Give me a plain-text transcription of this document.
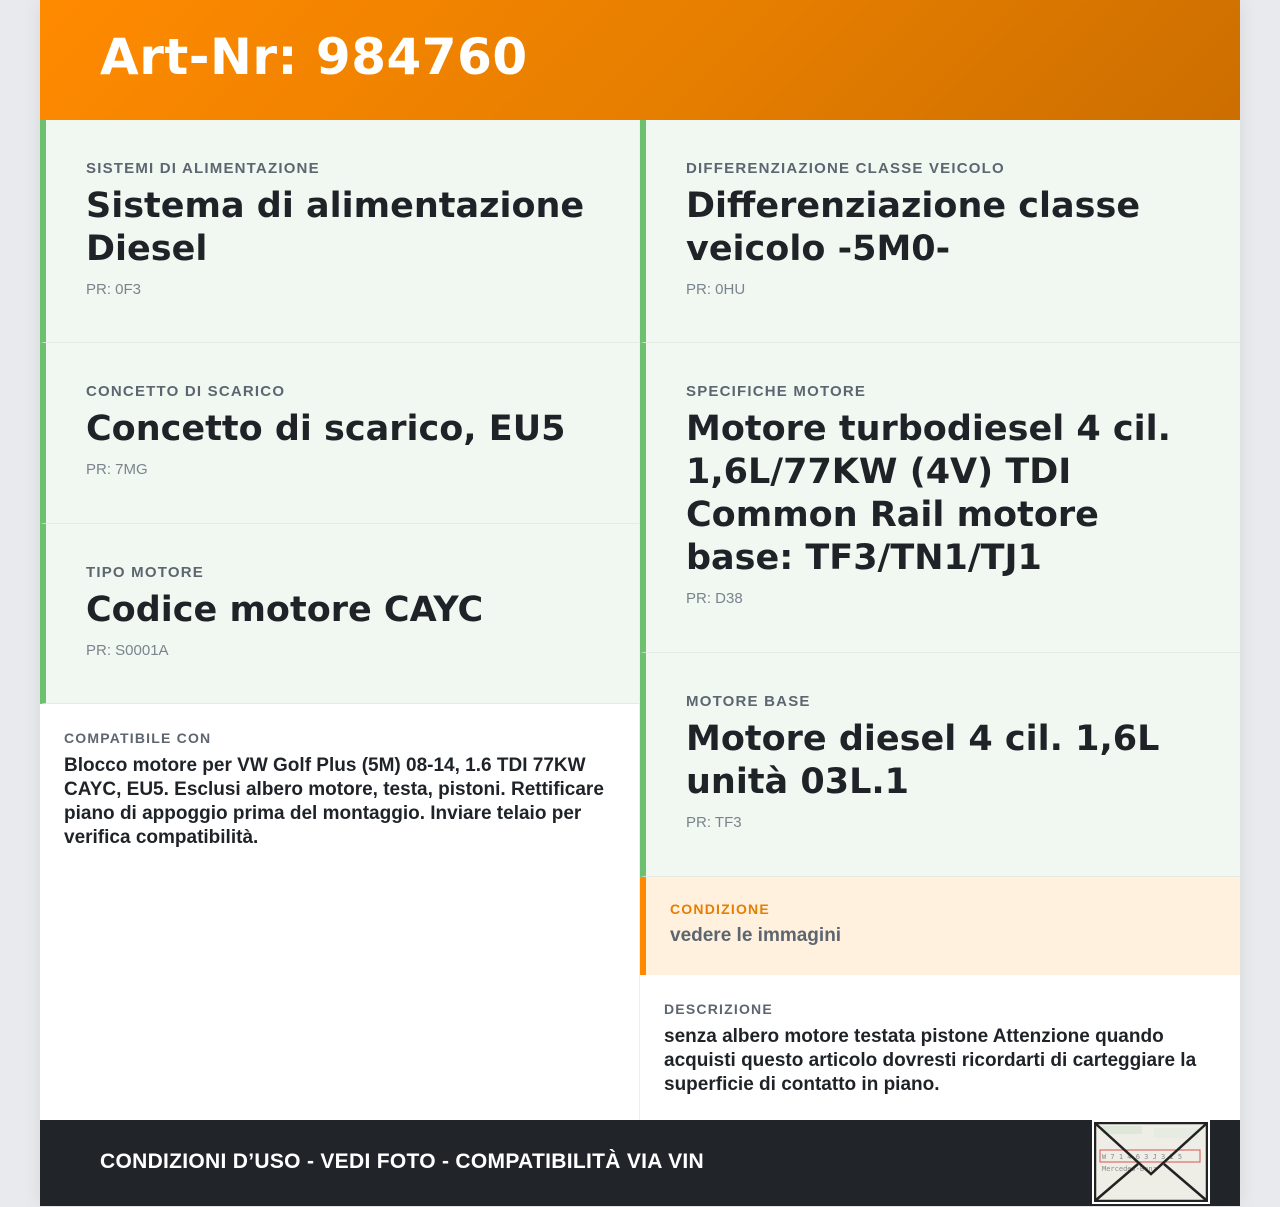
Art-Nr: 984760
SISTEMI DI ALIMENTAZIONE
Sistema di alimentazione Diesel
PR: 0F3
CONCETTO DI SCARICO
Concetto di scarico, EU5
PR: 7MG
TIPO MOTORE
Codice motore CAYC
PR: S0001A
COMPATIBILE CON
Blocco motore per VW Golf Plus (5M) 08-14, 1.6 TDI 77KW CAYC, EU5. Esclusi albero motore, testa, pistoni. Rettificare piano di appoggio prima del montaggio. Inviare telaio per verifica compatibilità.
DIFFERENZIAZIONE CLASSE VEICOLO
Differenziazione classe veicolo -5M0-
PR: 0HU
SPECIFICHE MOTORE
Motore turbodiesel 4 cil. 1,6L/77KW (4V) TDI Common Rail motore base: TF3/TN1/TJ1
PR: D38
MOTORE BASE
Motore diesel 4 cil. 1,6L unità 03L.1
PR: TF3
CONDIZIONE
vedere le immagini
DESCRIZIONE
senza albero motore testata pistone Attenzione quando acquisti questo articolo dovresti ricordarti di carteggiare la superficie di contatto in piano.
CONDIZIONI D’USO - VEDI FOTO - COMPATIBILITÀ VIA VIN	W 7 1 4 6 3 J 3 1 5
Mercedes-Benz
